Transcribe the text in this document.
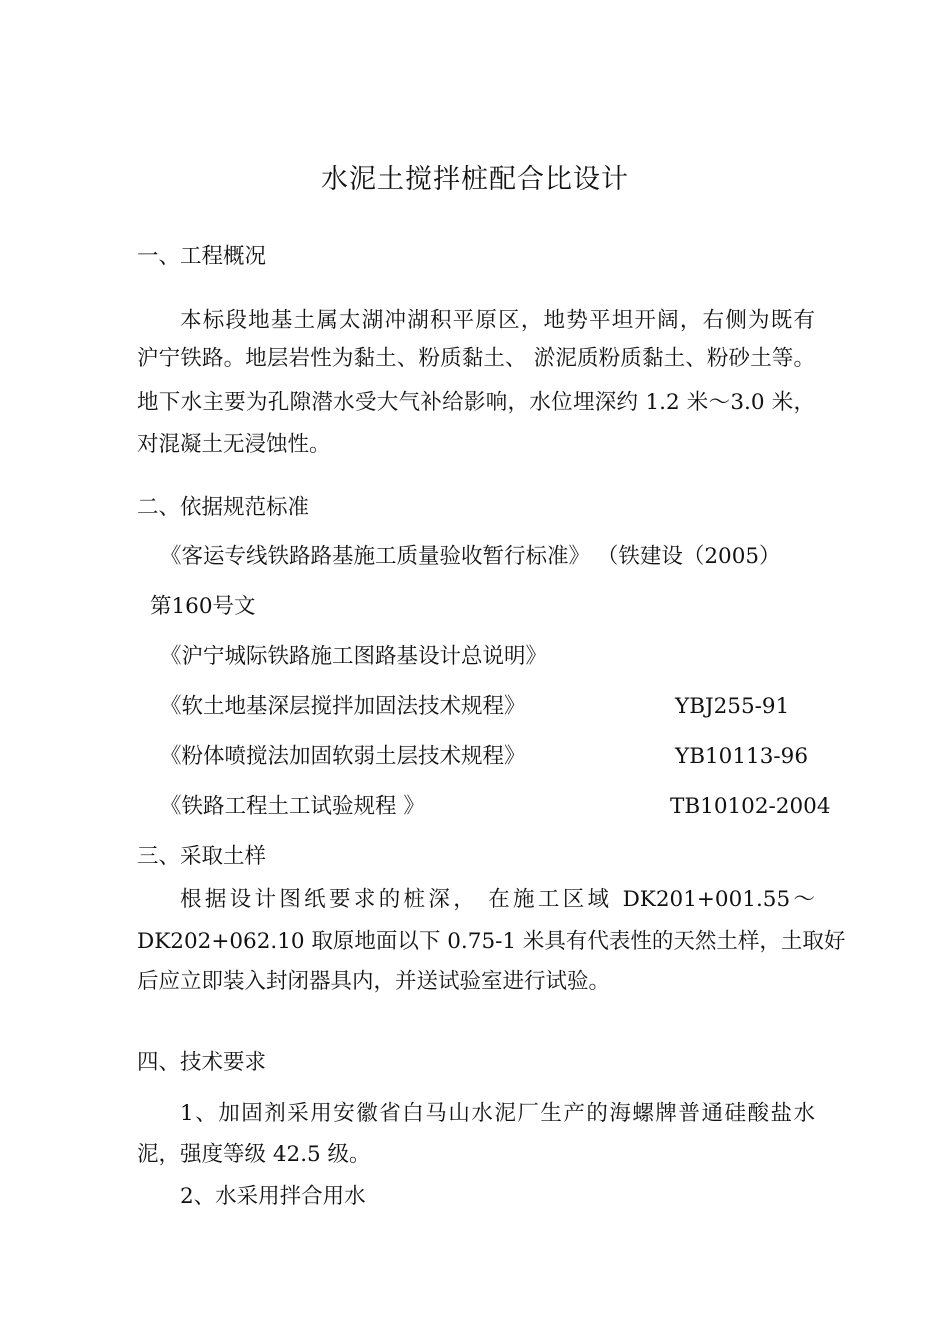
水泥土搅拌桩配合比设计
一、工程概况
本标段地基土属太湖冲湖积平原区，地势平坦开阔，右侧为既有
沪宁铁路。地层岩性为黏土、粉质黏土、 淤泥质粉质黏土、粉砂土等。
地下水主要为孔隙潜水受大气补给影响，水位埋深约 1.2 米～3.0 米，
对混凝土无浸蚀性。
二、依据规范标准
《客运专线铁路路基施工质量验收暂行标准》 （铁建设（2005）
第160号文
《沪宁城际铁路施工图路基设计总说明》
《软土地基深层搅拌加固法技术规程》	YBJ255-91
《粉体喷搅法加固软弱土层技术规程》	YB10113-96
《铁路工程土工试验规程 》	TB10102-2004
三、采取土样
根据设计图纸要求的桩深， 在施工区域 DK201+001.55～
DK202+062.10 取原地面以下 0.75-1 米具有代表性的天然土样，土取好
后应立即装入封闭器具内，并送试验室进行试验。
四、技术要求
1、加固剂采用安徽省白马山水泥厂生产的海螺牌普通硅酸盐水
泥，强度等级 42.5 级。
2、水采用拌合用水
